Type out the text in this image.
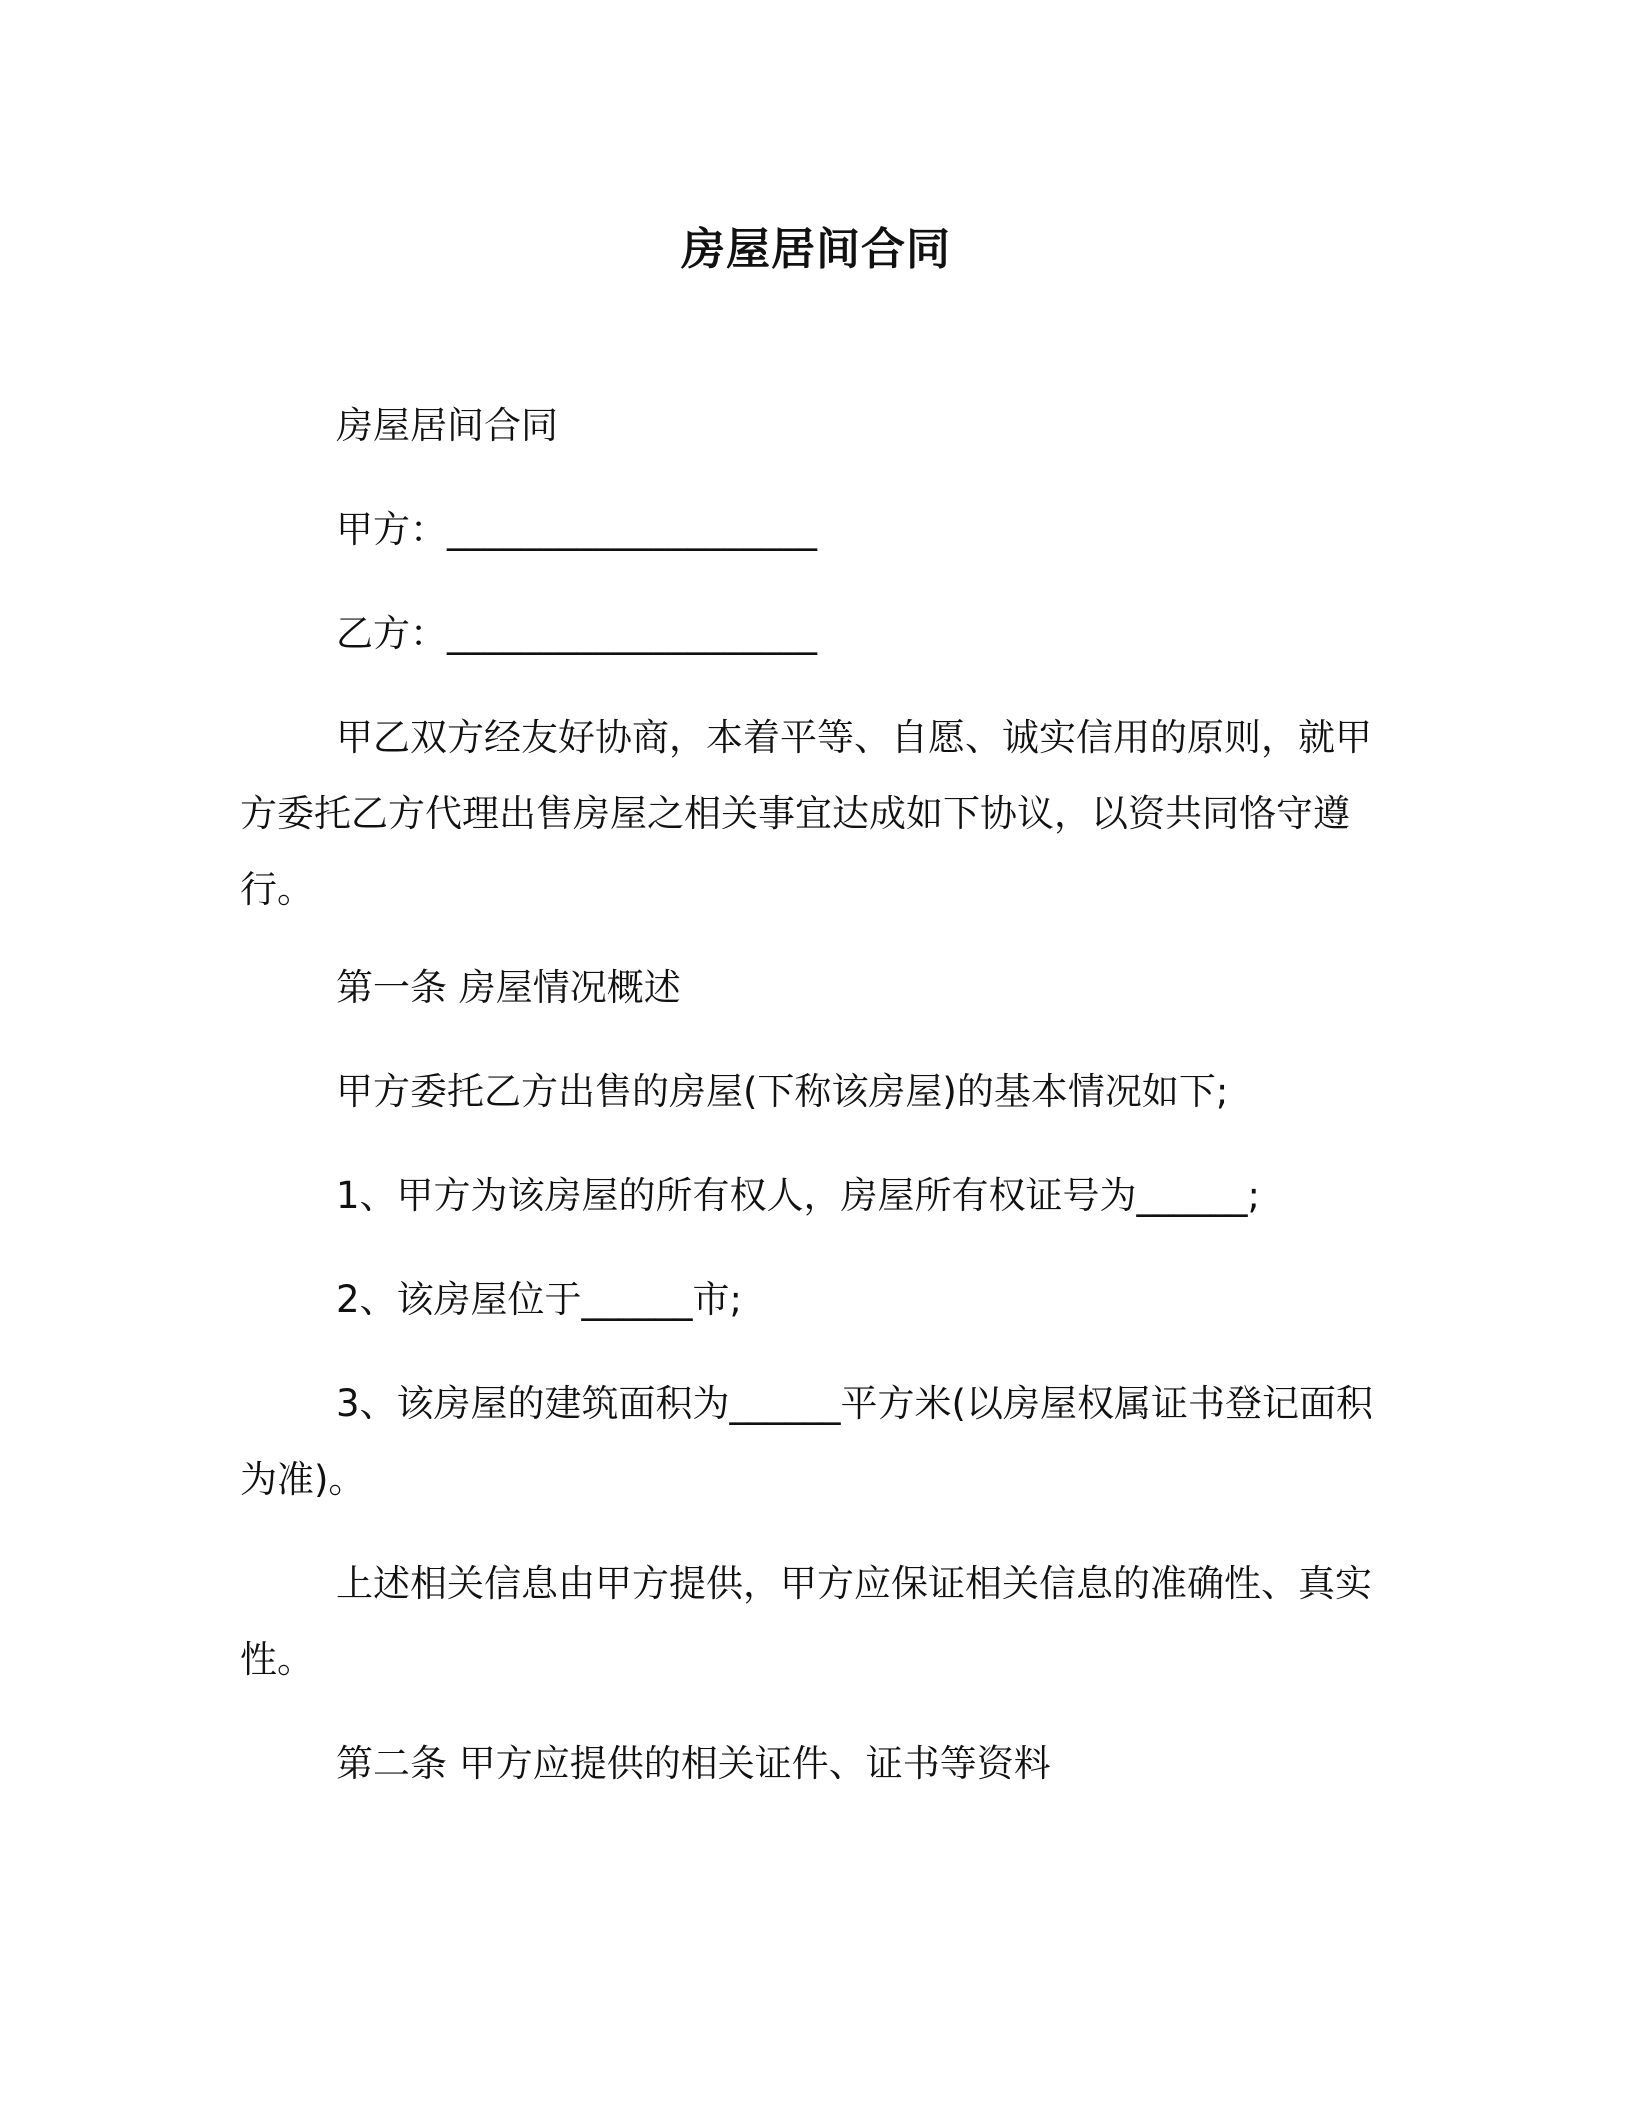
房屋居间合同
房屋居间合同
甲方：____________________
乙方：____________________
甲乙双方经友好协商，本着平等、自愿、诚实信用的原则，就甲方委托乙方代理出售房屋之相关事宜达成如下协议，以资共同恪守遵行。
第一条 房屋情况概述
甲方委托乙方出售的房屋(下称该房屋)的基本情况如下;
1、甲方为该房屋的所有权人，房屋所有权证号为______;
2、该房屋位于______市;
3、该房屋的建筑面积为______平方米(以房屋权属证书登记面积为准)。
上述相关信息由甲方提供，甲方应保证相关信息的准确性、真实性。
第二条 甲方应提供的相关证件、证书等资料
